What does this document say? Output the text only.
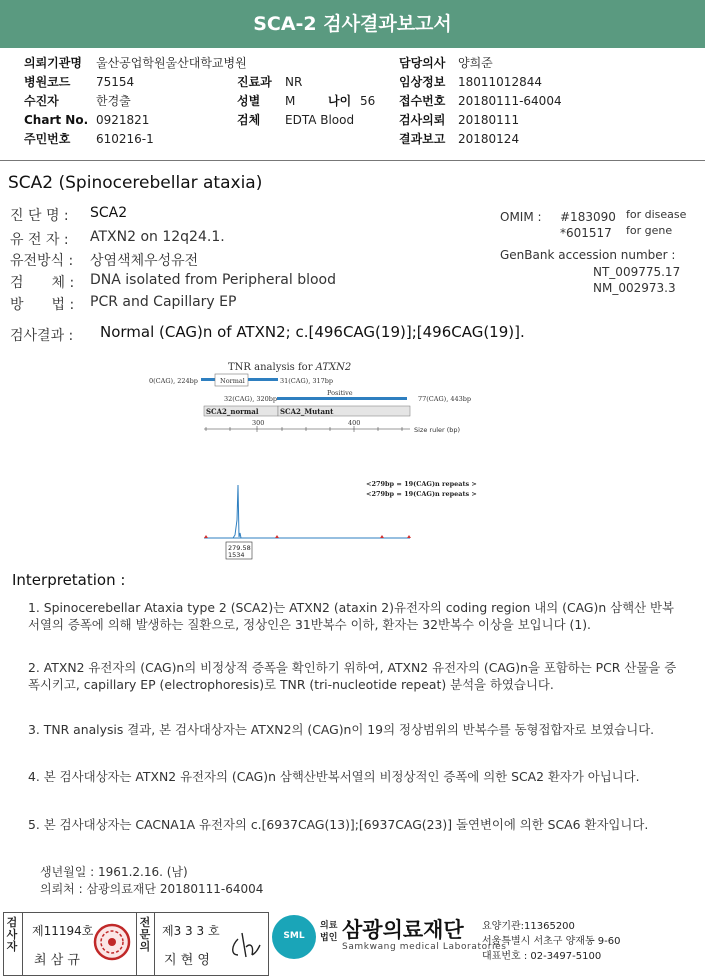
SCA-2 검사결과보고서
의뢰기관명 울산공업학원울산대학교병원
병원코드 75154
수진자	한경출
Chart No. 0921821
주민번호 610216-1
진료과 NR
성별 M	나이 56
검체 EDTA Blood
담당의사 양희준
임상정보 18011012844
접수번호 20180111-64004
검사의뢰 20180111
결과보고 20180124
SCA2 (Spinocerebellar ataxia)
진 단 명 : SCA2
유 전 자 : ATXN2 on 12q24.1.
유전방식 : 상염색체우성유전
검　　체 : DNA isolated from Peripheral blood
방　　법 : PCR and Capillary EP
OMIM : #183090 for disease
*601517 for gene
GenBank accession number :
NT_009775.17
NM_002973.3
검사결과 : Normal (CAG)n of ATXN2; c.[496CAG(19)];[496CAG(19)].
TNR analysis for ATXN2
0(CAG), 224bp	Normal	31(CAG), 317bp
32(CAG), 320bp
Positive
77(CAG), 443bp
SCA2_normal	SCA2_Mutant
300	400
Size ruler (bp)
<279bp = 19(CAG)n repeats >
<279bp = 19(CAG)n repeats >
279.58
1534
Interpretation :
1. Spinocerebellar Ataxia type 2 (SCA2)는 ATXN2 (ataxin 2)유전자의 coding region 내의 (CAG)n 삼핵산 반복서열의 증폭에 의해 발생하는 질환으로, 정상인은 31반복수 이하, 환자는 32반복수 이상을 보입니다 (1).
2. ATXN2 유전자의 (CAG)n의 비정상적 증폭을 확인하기 위하여, ATXN2 유전자의 (CAG)n을 포함하는 PCR 산물을 증폭시키고, capillary EP (electrophoresis)로 TNR (tri-nucleotide repeat) 분석을 하였습니다.
3. TNR analysis 결과, 본 검사대상자는 ATXN2의 (CAG)n이 19의 정상범위의 반복수를 동형접합자로 보였습니다.
4. 본 검사대상자는 ATXN2 유전자의 (CAG)n 삼핵산반복서열의 비정상적인 증폭에 의한 SCA2 환자가 아닙니다.
5. 본 검사대상자는 CACNA1A 유전자의 c.[6937CAG(13)];[6937CAG(23)] 돌연변이에 의한 SCA6 환자입니다.
생년월일 : 1961.2.16. (남)
의뢰처 : 삼광의료재단 20180111-64004
검
사
자
제11194호
최 삼 규
전
문
의
제3 3 3 호
지 현 영
SML
의료
법인 삼광의료재단
Samkwang medical Laboratories
요양기관:11365200
서울특별시 서초구 양재동 9-60
대표번호 : 02-3497-5100
